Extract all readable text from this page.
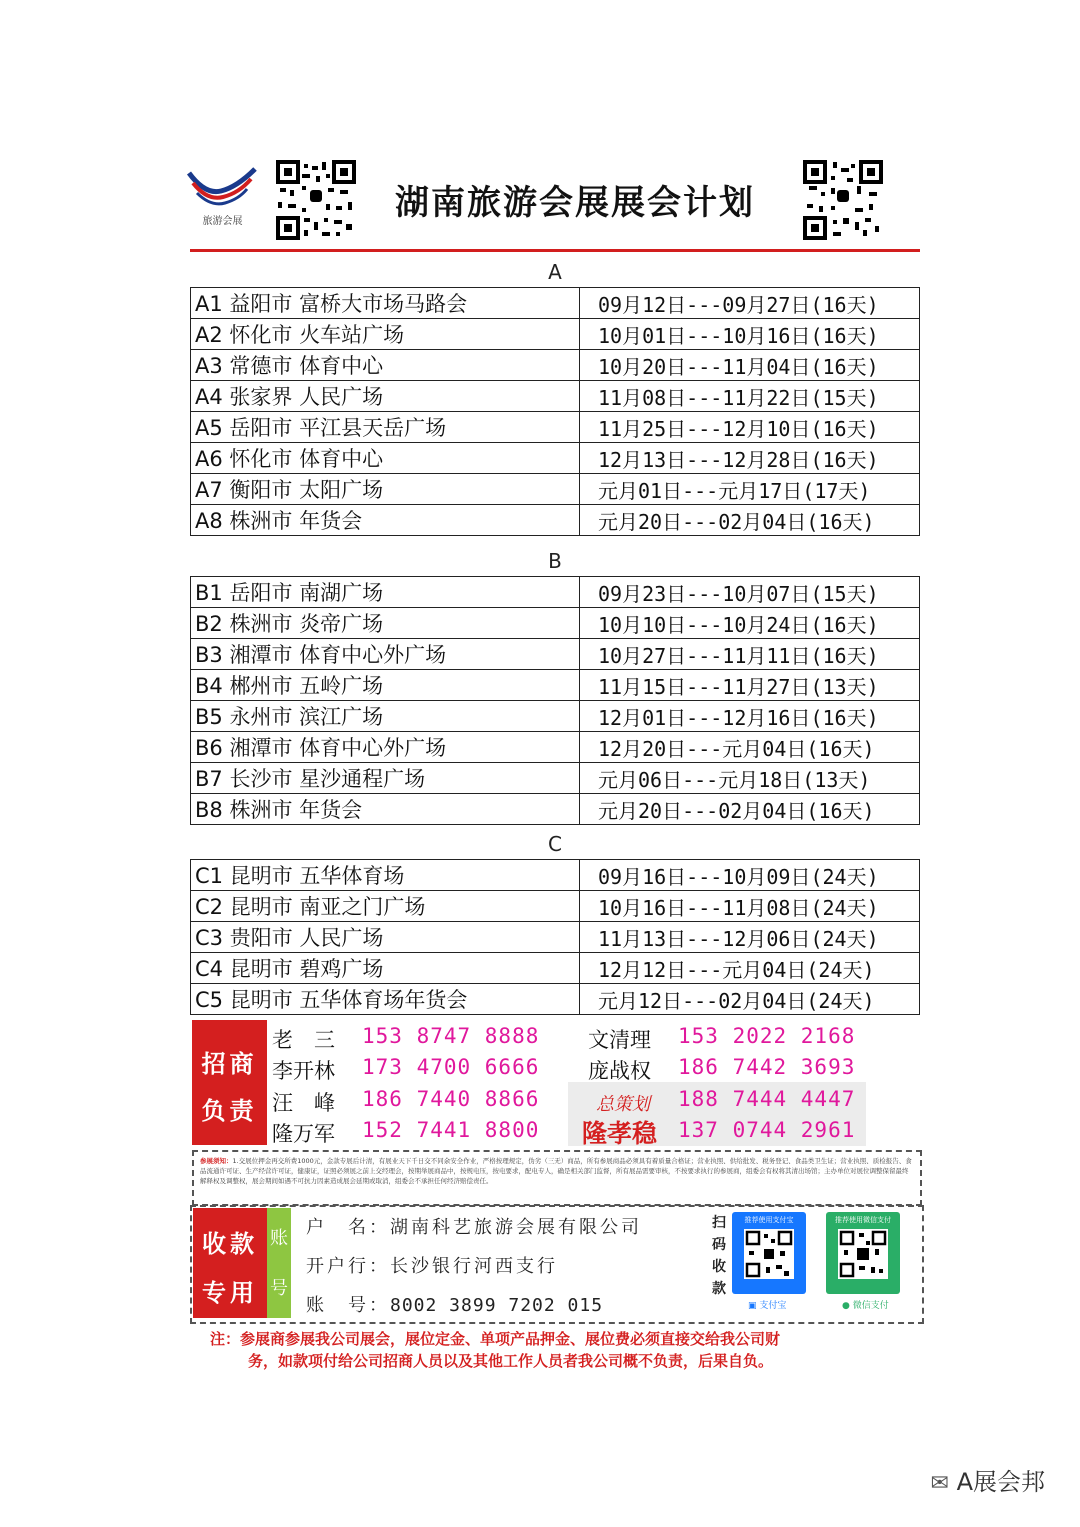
旅游会展	湖南旅游会展展会计划
A
A1 益阳市 富桥大市场马路会	09月12日---09月27日(16天)
A2 怀化市 火车站广场	10月01日---10月16日(16天)
A3 常德市 体育中心	10月20日---11月04日(16天)
A4 张家界 人民广场	11月08日---11月22日(15天)
A5 岳阳市 平江县天岳广场	11月25日---12月10日(16天)
A6 怀化市 体育中心	12月13日---12月28日(16天)
A7 衡阳市 太阳广场	元月01日---元月17日(17天)
A8 株洲市 年货会	元月20日---02月04日(16天)
B
B1 岳阳市 南湖广场	09月23日---10月07日(15天)
B2 株洲市 炎帝广场	10月10日---10月24日(16天)
B3 湘潭市 体育中心外广场	10月27日---11月11日(16天)
B4 郴州市 五岭广场	11月15日---11月27日(13天)
B5 永州市 滨江广场	12月01日---12月16日(16天)
B6 湘潭市 体育中心外广场	12月20日---元月04日(16天)
B7 长沙市 星沙通程广场	元月06日---元月18日(13天)
B8 株洲市 年货会	元月20日---02月04日(16天)
C
C1 昆明市 五华体育场	09月16日---10月09日(24天)
C2 昆明市 南亚之门广场	10月16日---11月08日(24天)
C3 贵阳市 人民广场	11月13日---12月06日(24天)
C4 昆明市 碧鸡广场	12月12日---元月04日(24天)
C5 昆明市 五华体育场年货会	元月12日---02月04日(24天)
招商
负责
老　三 153 8747 8888
李开林 173 4700 6666
汪　峰 186 7440 8866
隆万军 152 7441 8800
文清理 153 2022 2168
庞战权 186 7442 3693
总策划 188 7444 4447
隆孝稳 137 0744 2961
参展须知：1.交展位押金再交所费1000元，金款专展后计清，有展业天下千日交不同余安全作业，严格按理规定，伪劣（三无）商品，所有参展商品必须具有着质量合格证；营业执照、供给批发、税务登记、食品类卫生证；营业执照、质检报告、食品流通许可证、生产经营许可证，健康证，证照必须展之前上交经理会，按期举展商品中，按规电压，按电要求，配电专人，确是相关部门监督，所有展品需要审核，不按要求执行的参展商，组委会有权将其清出场馆；主办单位对展位调整保留最终解释权及调整权，展会期间如遇不可抗力因素造成展会延期或取消，组委会不承担任何经济赔偿责任。
收款
专用
账
号
户　名：湖南科艺旅游会展有限公司
开户行：长沙银行河西支行
账　号：8002 3899 7202 015
扫
码
收
款
推荐使用支付宝
▣ 支付宝
推荐使用微信支付
● 微信支付
注：参展商参展我公司展会，展位定金、单项产品押金、展位费必须直接交给我公司财
务，如款项付给公司招商人员以及其他工作人员者我公司概不负责，后果自负。
✉ A展会邦
